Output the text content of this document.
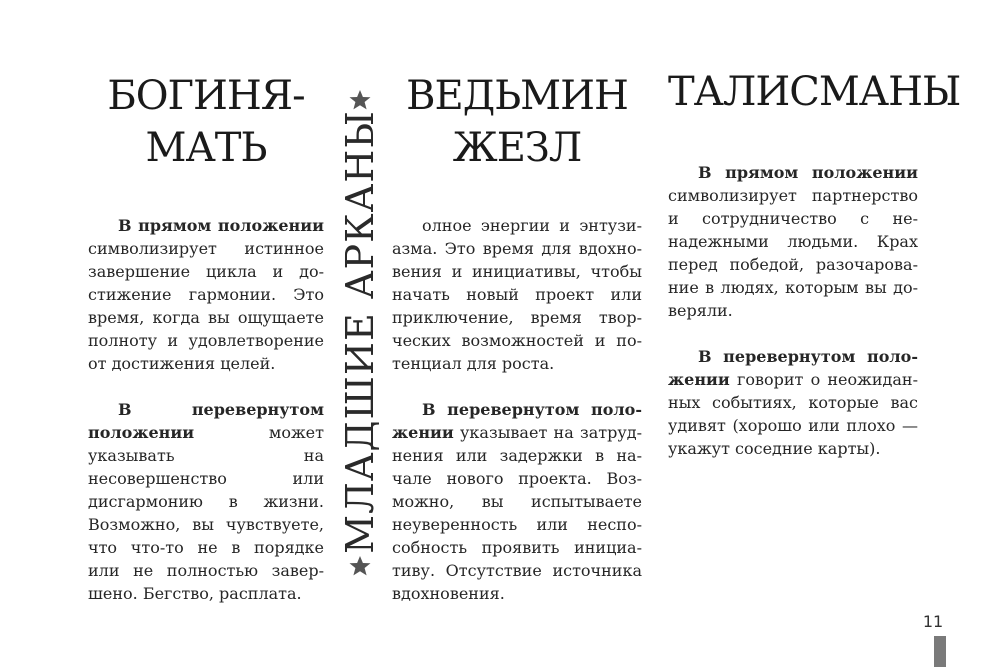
БОГИНЯ-
МАТЬ

В прямом положении символизирует истинное завершение цикла и достижение гармонии. Это время, когда вы ощущаете полноту и удовлетворение от достижения целей.

В перевернутом положении может указывать на несовершенство или дисгармонию в жизни. Возможно, вы чувствуете, что что-то не в порядке или не полностью завершено. Бегство, расплата.

МЛАДШИЕ АРКАНЫ
ВЕДЬМИН
ЖЕЗЛ

олное энергии и энтузиазма. Это время для вдохновения и инициативы, чтобы начать новый проект или приключение, время творческих возможностей и потенциал для роста.

В перевернутом положении указывает на затруднения или задержки в начале нового проекта. Возможно, вы испытываете неуверенность или неспособность проявить инициативу. Отсутствие источника вдохновения.

ТАЛИСМАНЫ

В прямом положении символизирует партнерство и сотрудничество с ненадежными людьми. Крах перед победой, разочарование в людях, которым вы доверяли.

В перевернутом положении говорит о неожиданных событиях, которые вас удивят (хорошо или плохо — укажут соседние карты).

11
